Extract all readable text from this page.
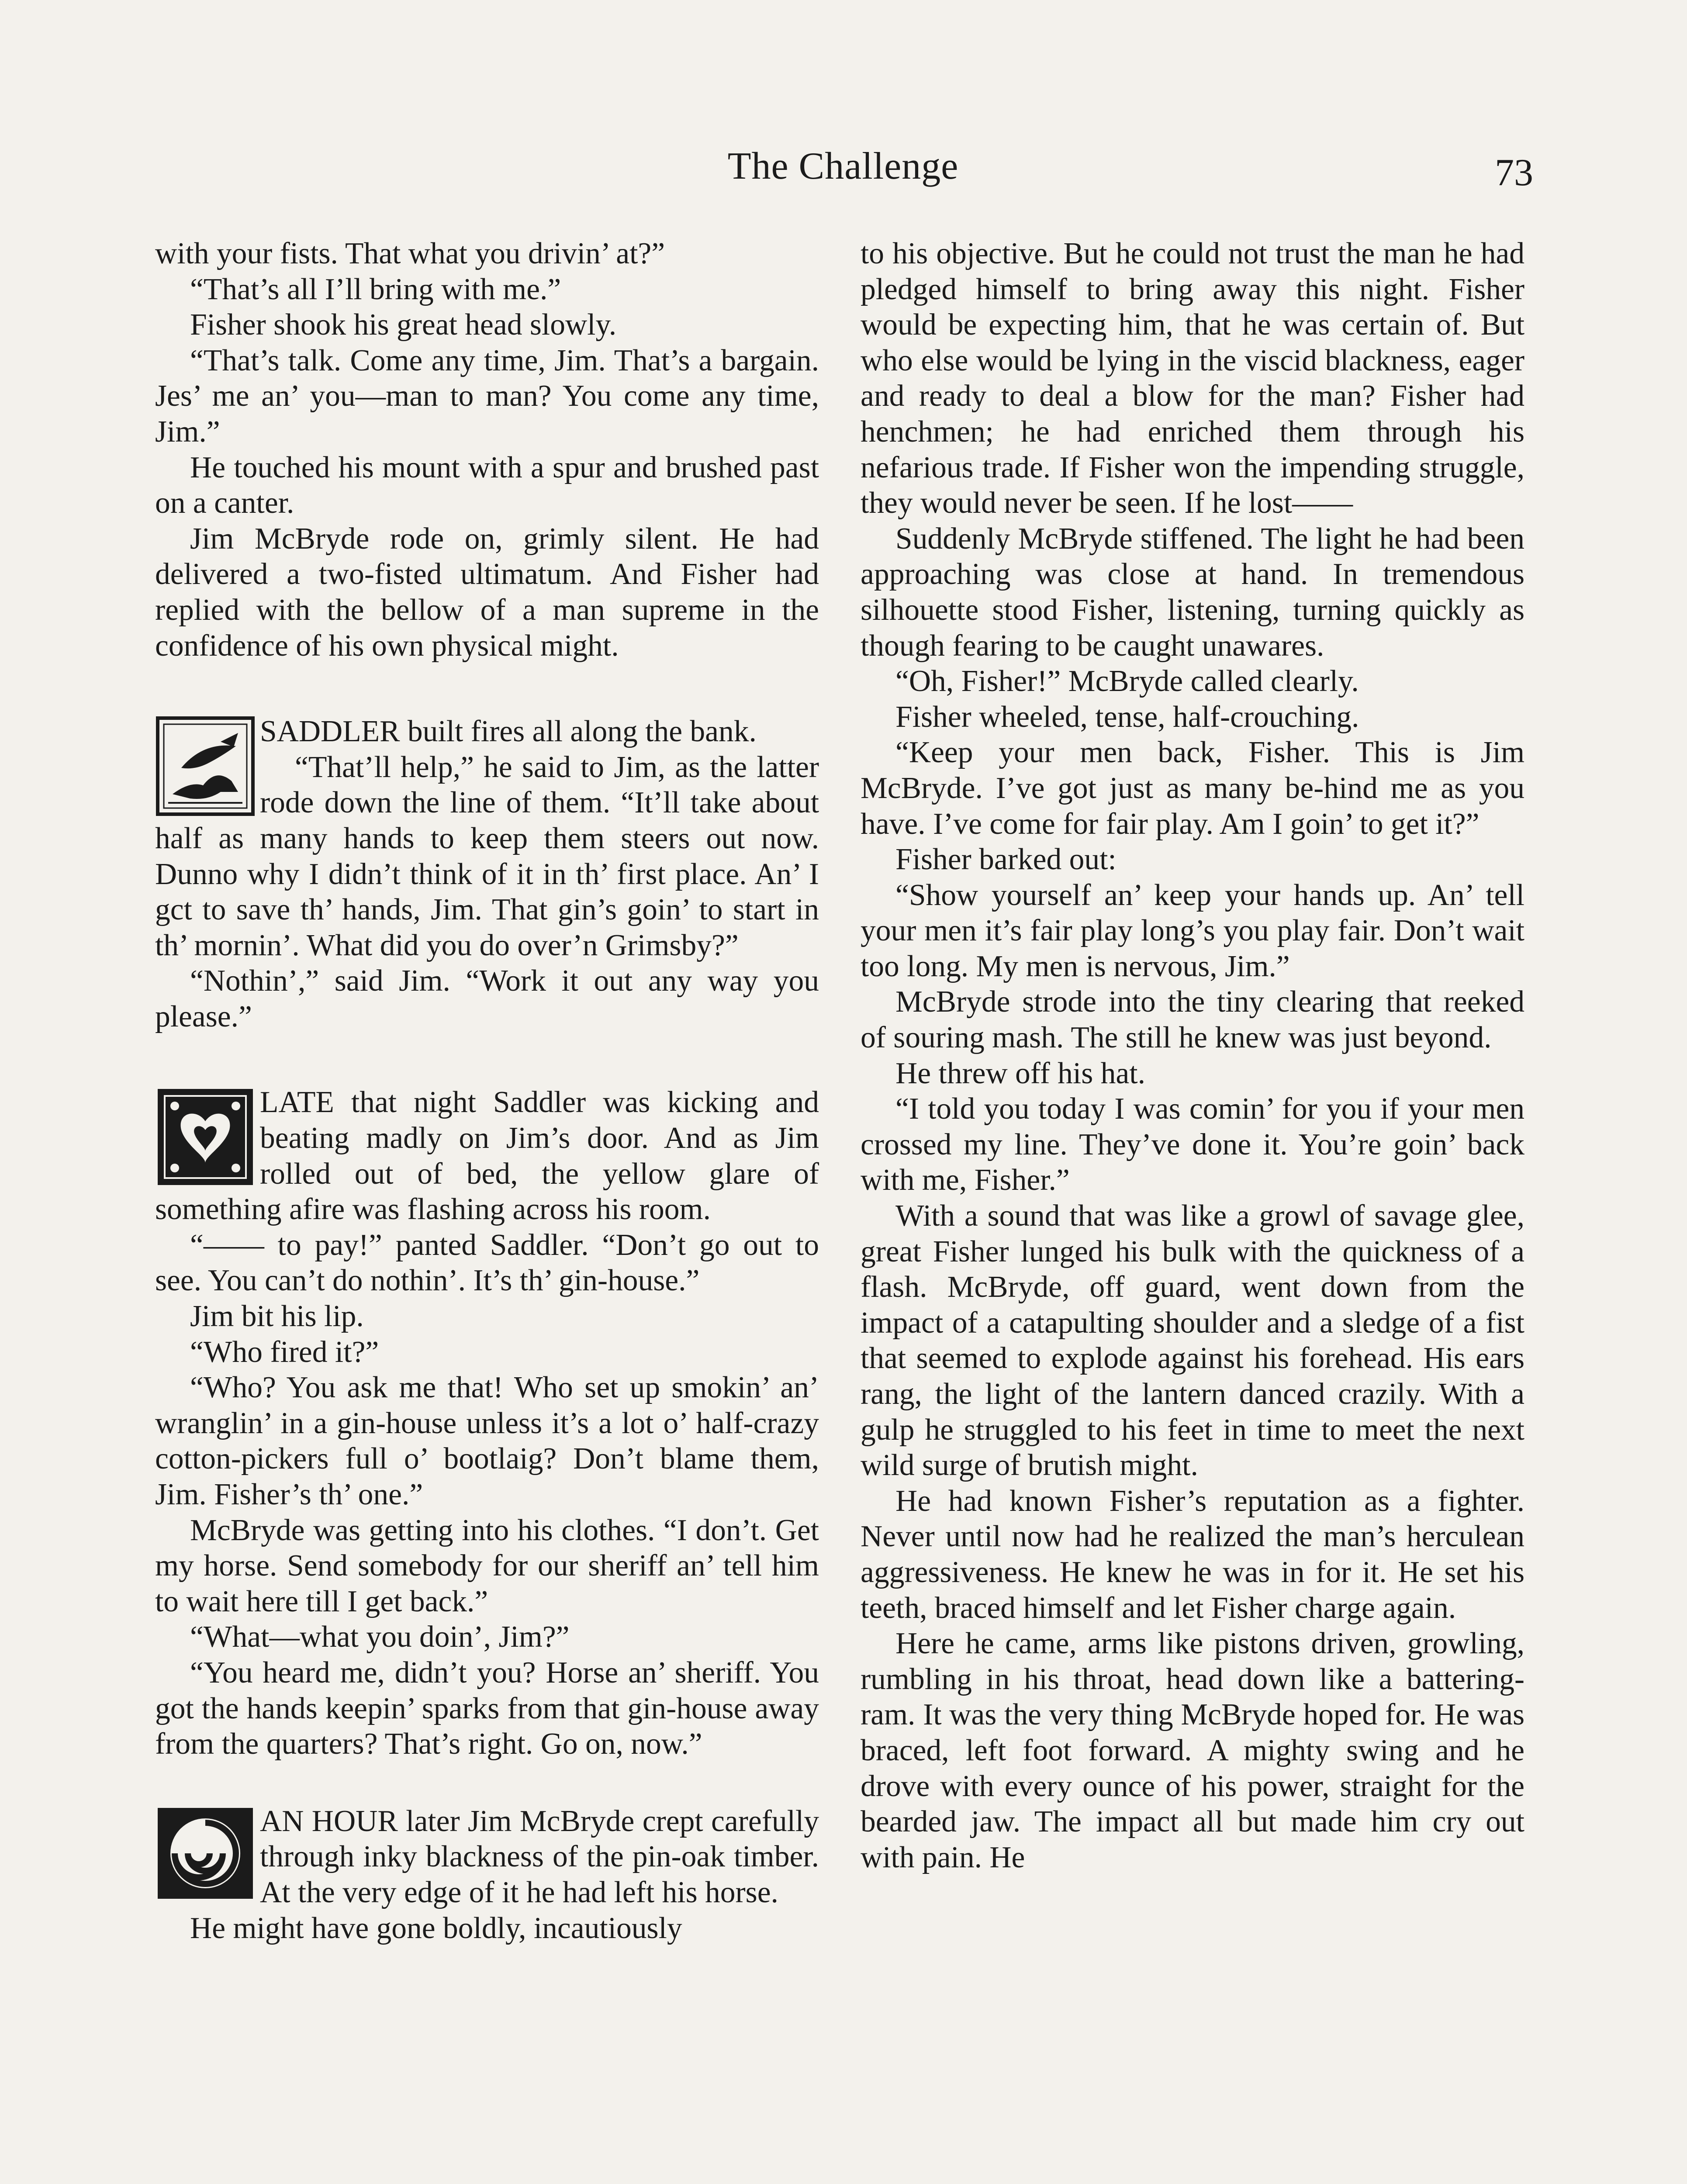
The Challenge	73

with your fists. That what you drivin’ at?”

“That’s all I’ll bring with me.”

Fisher shook his great head slowly.

“That’s talk. Come any time, Jim. That’s a bargain. Jes’ me an’ you—man to man? You come any time, Jim.”

He touched his mount with a spur and brushed past on a canter.

Jim McBryde rode on, grimly silent. He had delivered a two-fisted ultimatum. And Fisher had replied with the bellow of a man supreme in the confidence of his own physical might.

SADDLER built fires all along the bank.

“That’ll help,” he said to Jim, as the latter rode down the line of them. “It’ll take about half as many hands to keep them steers out now. Dunno why I didn’t think of it in th’ first place. An’ I gct to save th’ hands, Jim. That gin’s goin’ to start in th’ mornin’. What did you do over’n Grimsby?”

“Nothin’,” said Jim. “Work it out any way you please.”

LATE that night Saddler was kicking and beating madly on Jim’s door. And as Jim rolled out of bed, the yellow glare of something afire was flashing across his room.

“—— to pay!” panted Saddler. “Don’t go out to see. You can’t do nothin’. It’s th’ gin-house.”

Jim bit his lip.

“Who fired it?”

“Who? You ask me that! Who set up smokin’ an’ wranglin’ in a gin-house unless it’s a lot o’ half-crazy cotton-pickers full o’ bootlaig? Don’t blame them, Jim. Fisher’s th’ one.”

McBryde was getting into his clothes. “I don’t. Get my horse. Send somebody for our sheriff an’ tell him to wait here till I get back.”

“What—what you doin’, Jim?”

“You heard me, didn’t you? Horse an’ sheriff. You got the hands keepin’ sparks from that gin-house away from the quarters? That’s right. Go on, now.”

AN HOUR later Jim McBryde crept carefully through inky blackness of the pin-oak timber. At the very edge of it he had left his horse.

He might have gone boldly, incautiously

to his objective. But he could not trust the man he had pledged himself to bring away this night. Fisher would be expecting him, that he was certain of. But who else would be lying in the viscid blackness, eager and ready to deal a blow for the man? Fisher had henchmen; he had enriched them through his nefarious trade. If Fisher won the impending struggle, they would never be seen. If he lost——

Suddenly McBryde stiffened. The light he had been approaching was close at hand. In tremendous silhouette stood Fisher, listening, turning quickly as though fearing to be caught unawares.

“Oh, Fisher!” McBryde called clearly.

Fisher wheeled, tense, half-crouching.

“Keep your men back, Fisher. This is Jim McBryde. I’ve got just as many be-hind me as you have. I’ve come for fair play. Am I goin’ to get it?”

Fisher barked out:

“Show yourself an’ keep your hands up. An’ tell your men it’s fair play long’s you play fair. Don’t wait too long. My men is nervous, Jim.”

McBryde strode into the tiny clearing that reeked of souring mash. The still he knew was just beyond.

He threw off his hat.

“I told you today I was comin’ for you if your men crossed my line. They’ve done it. You’re goin’ back with me, Fisher.”

With a sound that was like a growl of savage glee, great Fisher lunged his bulk with the quickness of a flash. McBryde, off guard, went down from the impact of a catapulting shoulder and a sledge of a fist that seemed to explode against his forehead. His ears rang, the light of the lantern danced crazily. With a gulp he struggled to his feet in time to meet the next wild surge of brutish might.

He had known Fisher’s reputation as a fighter. Never until now had he realized the man’s herculean aggressiveness. He knew he was in for it. He set his teeth, braced himself and let Fisher charge again.

Here he came, arms like pistons driven, growling, rumbling in his throat, head down like a battering-ram. It was the very thing McBryde hoped for. He was braced, left foot forward. A mighty swing and he drove with every ounce of his power, straight for the bearded jaw. The impact all but made him cry out with pain. He
